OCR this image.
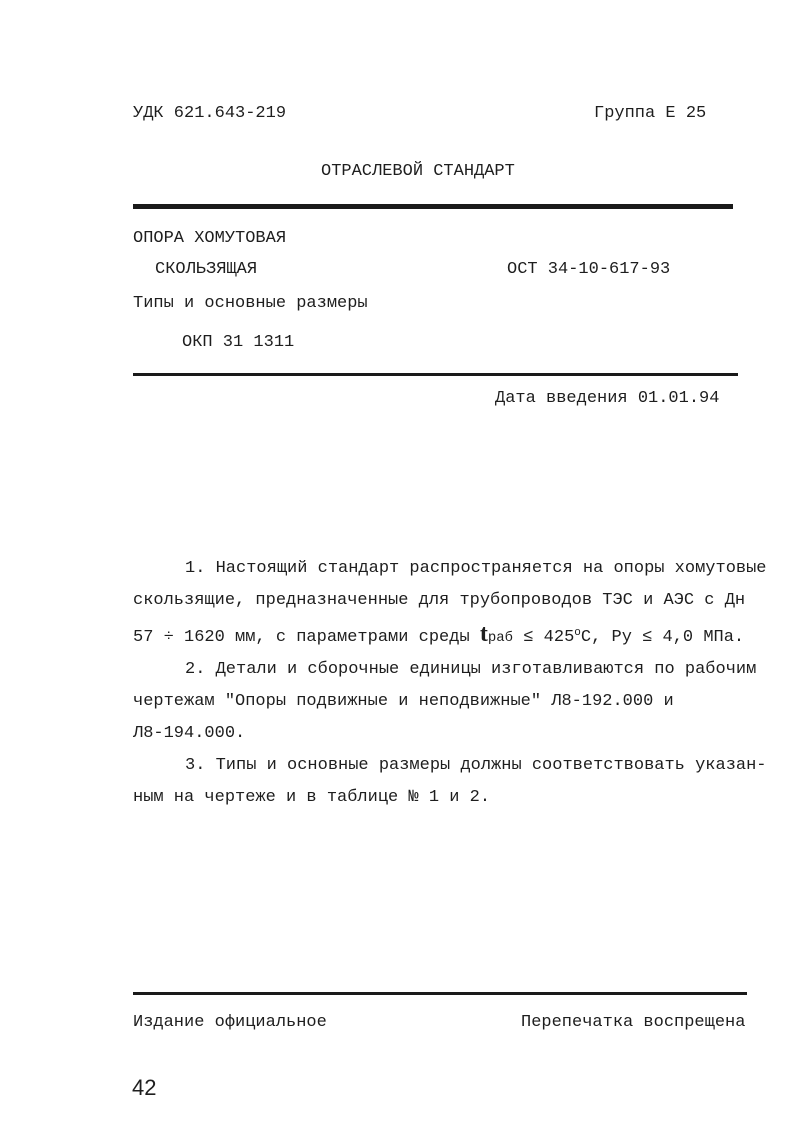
УДК 621.643-219	Группа Е 25
ОТРАСЛЕВОЙ СТАНДАРТ
ОПОРА ХОМУТОВАЯ
СКОЛЬЗЯЩАЯ	ОСТ 34-10-617-93
Типы и основные размеры
ОКП 31 1311
Дата введения 01.01.94
1. Настоящий стандарт распространяется на опоры хомутовые
скользящие, предназначенные для трубопроводов ТЭС и АЭС с Дн
57 ÷ 1620 мм, с параметрами среды tраб ≤ $425^оС$, Ру ≤ 4,0 МПа.
2. Детали и сборочные единицы изготавливаются по рабочим
чертежам "Опоры подвижные и неподвижные" Л8-192.000 и
Л8-194.000.
3. Типы и основные размеры должны соответствовать указан-
ным на чертеже и в таблице № 1 и 2.
Издание официальное	Перепечатка воспрещена
42
